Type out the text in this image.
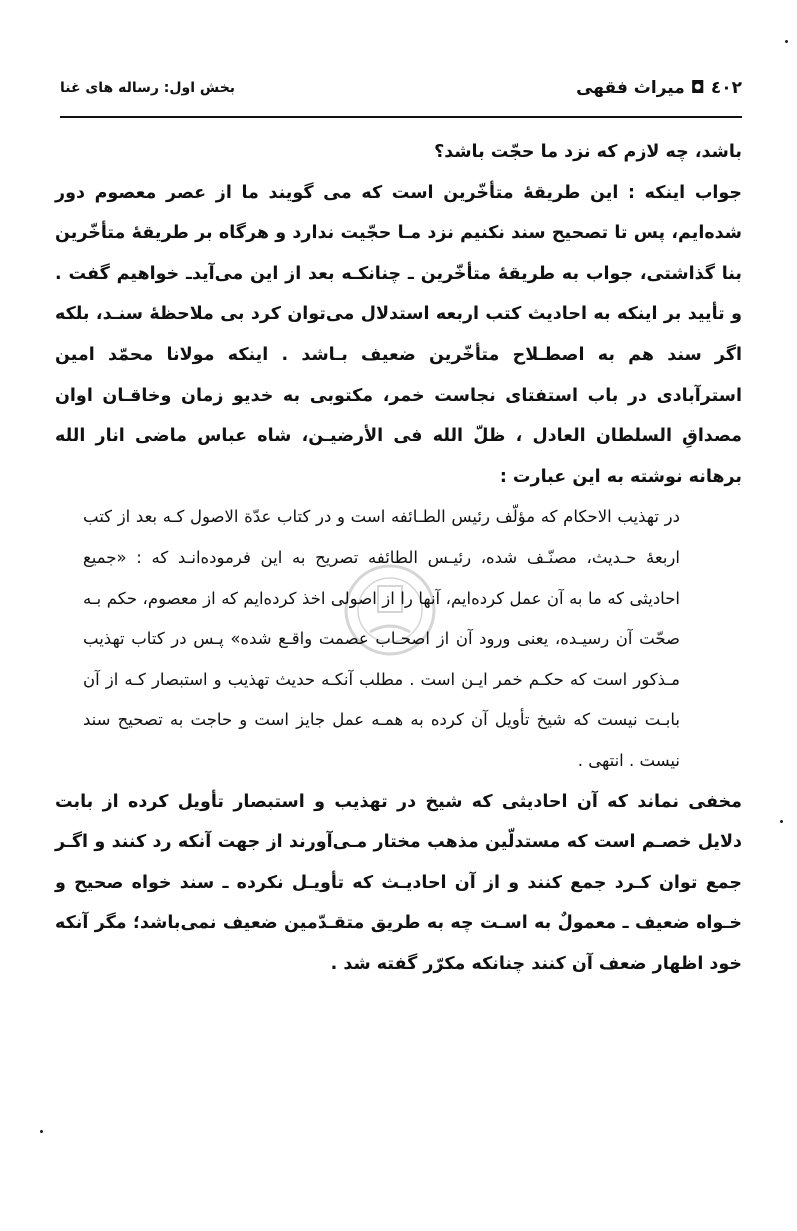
٤٠٢ ◘ میراث فقهی
بخش اول: رساله های غنا

باشد، چه لازم که نزد ما حجّت باشد؟

جواب اینکه : این طریقهٔ متأخّرین است که می گویند ما از عصر معصوم دور شده‌ایم، پس تا تصحیح سند نکنیم نزد مـا حجّیت ندارد و هرگاه بر طریقهٔ متأخّرین بنا گذاشتی، جواب به طریقهٔ متأخّرین ـ چنانکـه بعد از این می‌آیدـ خواهیم گفت . و تأیید بر اینکه به احادیث کتب اربعه استدلال می‌توان کرد بی ملاحظهٔ سنـد، بلکه اگر سند هم به اصطـلاح متأخّرین ضعیف بـاشد . اینکه مولانا محمّد امین استرآبادی در باب استفتای نجاست خمر، مکتوبی به خدیو زمان وخاقـان اوان مصداقِ السلطان العادل ، ظلّ الله فی الأرضیـن، شاه عباس ماضی انار الله برهانه نوشته به این عبارت :

در تهذیب الاحکام که مؤلّف رئیس الطـائفه است و در کتاب عدّة الاصول کـه بعد از کتب اربعهٔ حـدیث، مصنّـف شده، رئیـس الطائفه تصریح به این فرموده‌انـد که : «جمیع احادیثی که ما به آن عمل کرده‌ایم، آنها را از اصولی اخذ کرده‌ایم که از معصوم، حکم بـه صحّت آن رسیـده، یعنی ورود آن از اصحـاب عصمت واقـع شده» پـس در کتاب تهذیب مـذکور است که حکـم خمر ایـن است . مطلب آنکـه حدیث تهذیب و استبصار کـه از آن بابـت نیست که شیخ تأویل آن کرده به همـه عمل جایز است و حاجت به تصحیح سند نیست . انتهی .

مخفی نماند که آن احادیثی که شیخ در تهذیب و استبصار تأویل کرده از بابت دلایل خصـم است که مستدلّین مذهب مختار مـی‌آورند از جهت آنکه رد کنند و اگـر جمع توان کـرد جمع کنند و از آن احادیـث که تأویـل نکرده ـ سند خواه صحیح و خـواه ضعیف ـ معمولٌ به اسـت چه به طریق متقـدّمین ضعیف نمی‌باشد؛ مگر آنکه خود اظهار ضعف آن کنند چنانکه مکرّر گفته شد .
